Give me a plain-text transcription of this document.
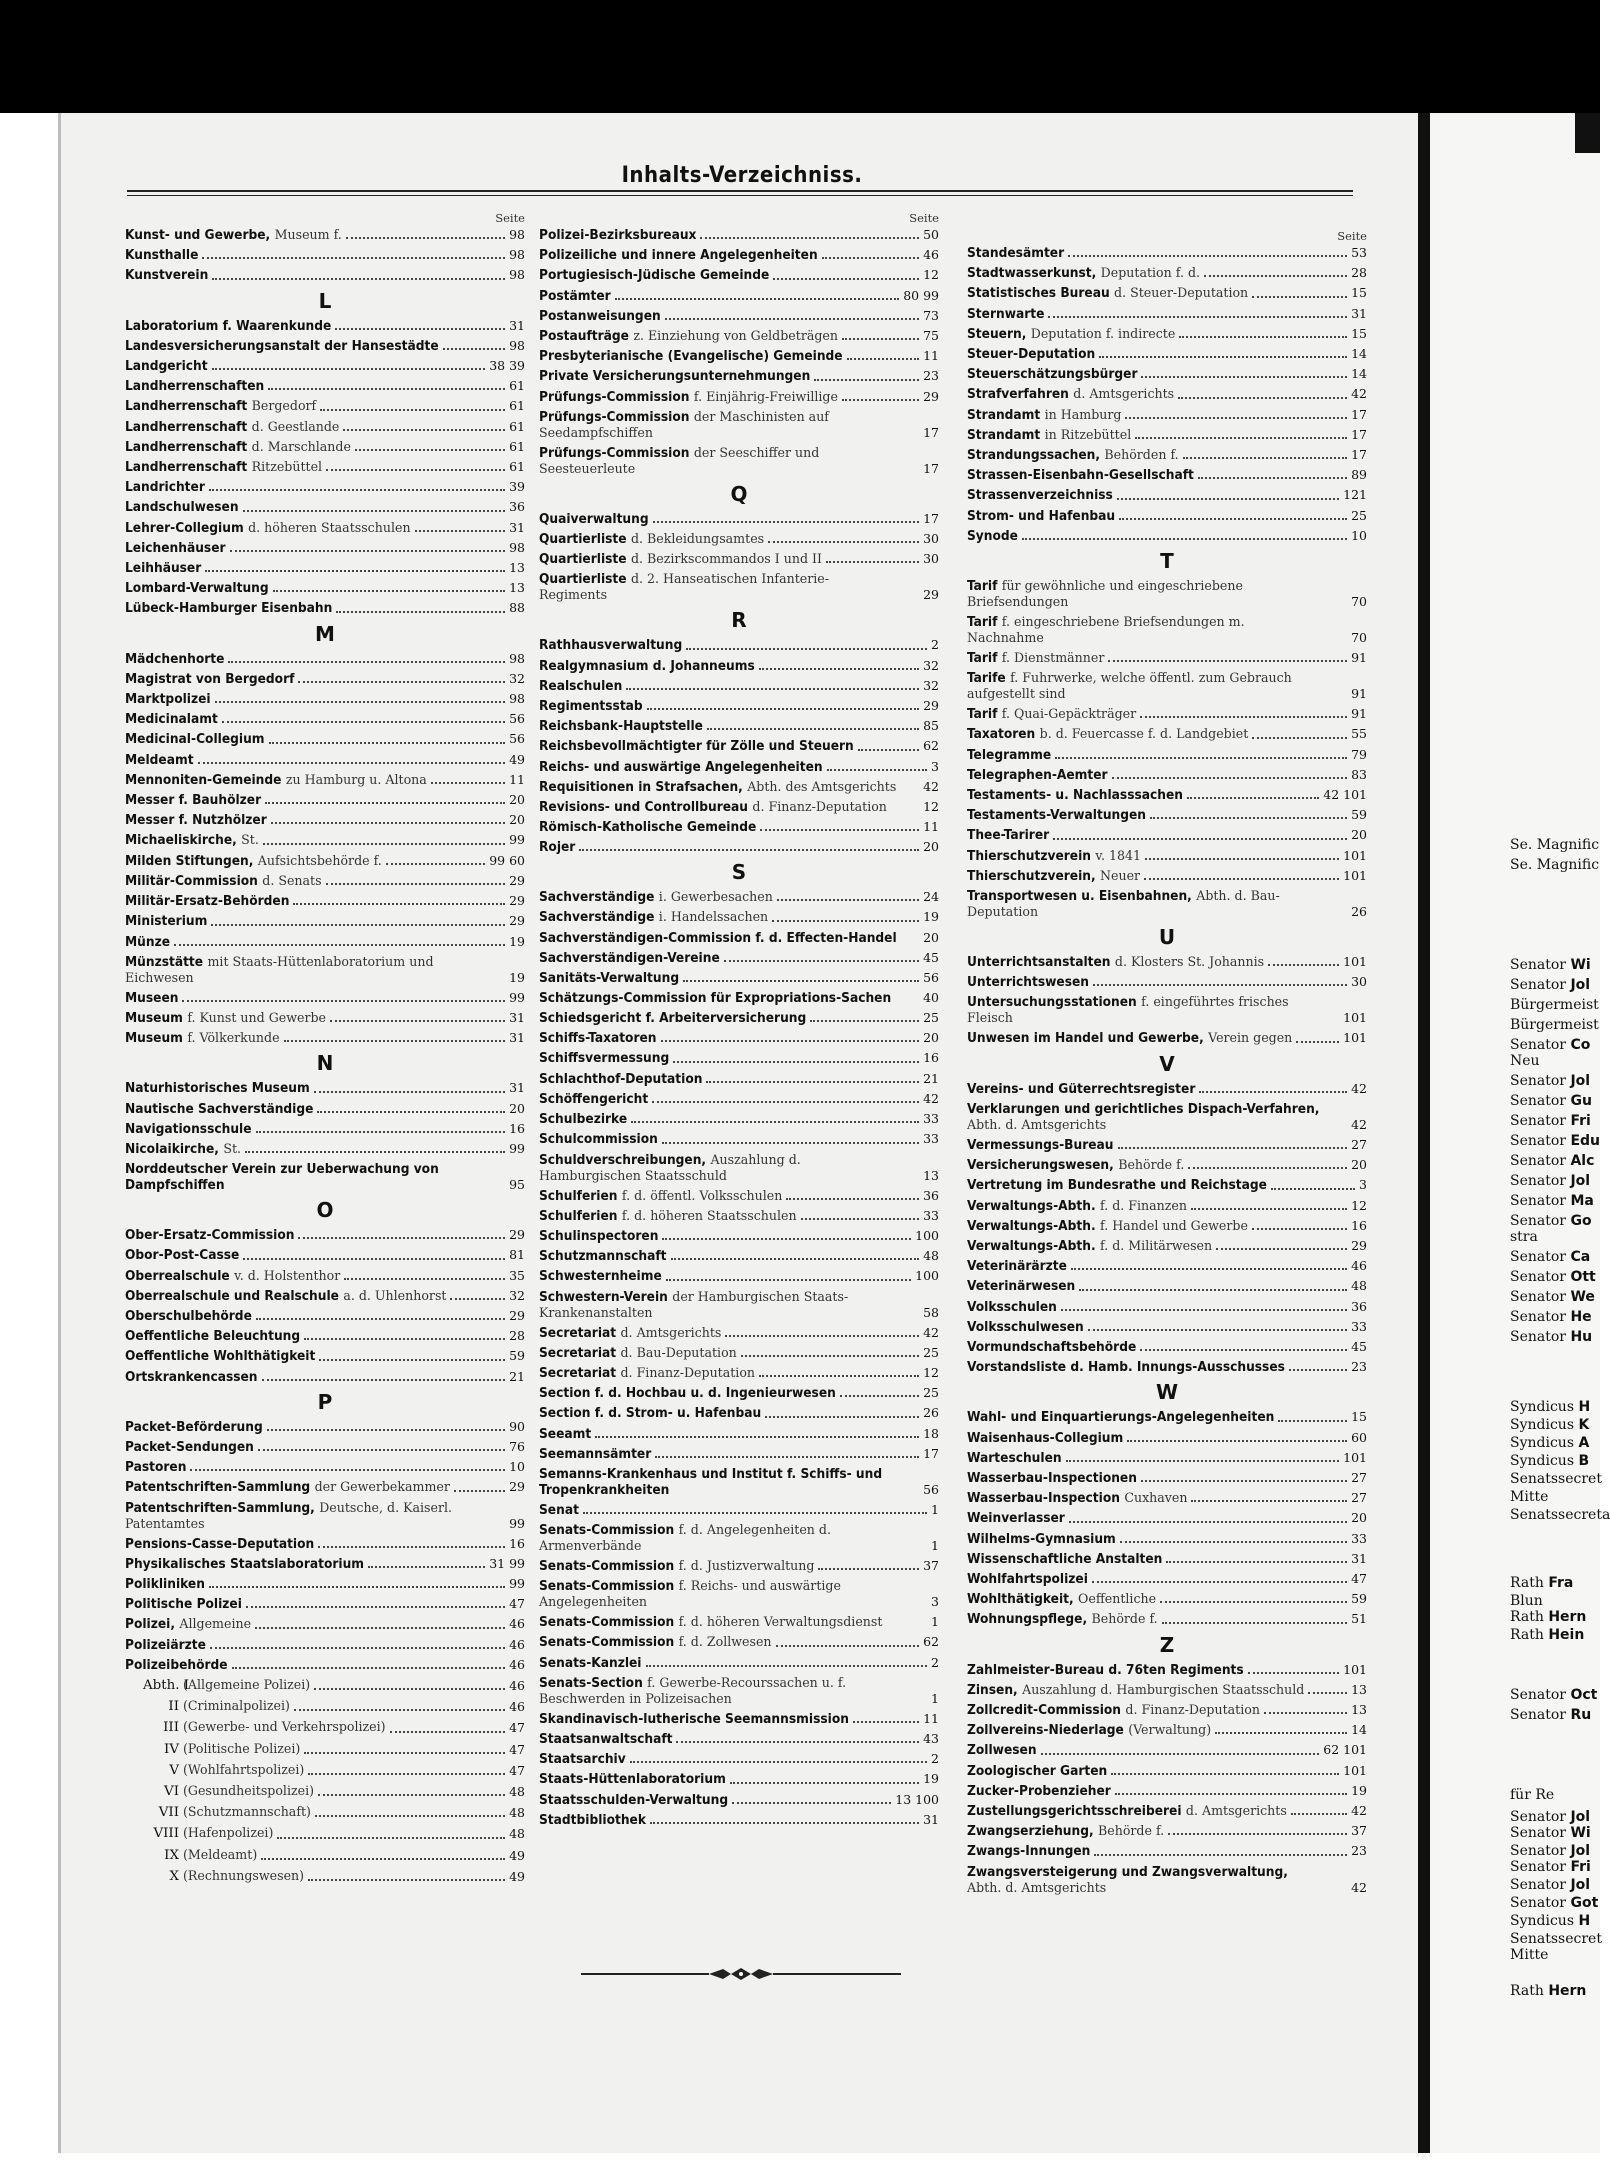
Inhalts-Verzeichniss.
Seite
Kunst- und Gewerbe, Museum f.	98
Kunsthalle	98
Kunstverein	98
L
Laboratorium f. Waarenkunde	31
Landesversicherungsanstalt der Hansestädte	98
Landgericht	38 39
Landherrenschaften	61
Landherrenschaft Bergedorf	61
Landherrenschaft d. Geestlande	61
Landherrenschaft d. Marschlande	61
Landherrenschaft Ritzebüttel	61
Landrichter	39
Landschulwesen	36
Lehrer-Collegium d. höheren Staatsschulen	31
Leichenhäuser	98
Leihhäuser	13
Lombard-Verwaltung	13
Lübeck-Hamburger Eisenbahn	88
M
Mädchenhorte	98
Magistrat von Bergedorf	32
Marktpolizei	98
Medicinalamt	56
Medicinal-Collegium	56
Meldeamt	49
Mennoniten-Gemeinde zu Hamburg u. Altona	11
Messer f. Bauhölzer	20
Messer f. Nutzhölzer	20
Michaeliskirche, St.	99
Milden Stiftungen, Aufsichtsbehörde f.	99 60
Militär-Commission d. Senats	29
Militär-Ersatz-Behörden	29
Ministerium	29
Münze	19
Münzstätte mit Staats-Hüttenlaboratorium und Eichwesen	19
Museen	99
Museum f. Kunst und Gewerbe	31
Museum f. Völkerkunde	31
N
Naturhistorisches Museum	31
Nautische Sachverständige	20
Navigationsschule	16
Nicolaikirche, St.	99
Norddeutscher Verein zur Ueberwachung von Dampfschiffen	95
O
Ober-Ersatz-Commission	29
Obor-Post-Casse	81
Oberrealschule v. d. Holstenthor	35
Oberrealschule und Realschule a. d. Uhlenhorst	32
Oberschulbehörde	29
Oeffentliche Beleuchtung	28
Oeffentliche Wohlthätigkeit	59
Ortskrankencassen	21
P
Packet-Beförderung	90
Packet-Sendungen	76
Pastoren	10
Patentschriften-Sammlung der Gewerbekammer	29
Patentschriften-Sammlung, Deutsche, d. Kaiserl. Patentamtes	99
Pensions-Casse-Deputation	16
Physikalisches Staatslaboratorium	31 99
Polikliniken	99
Politische Polizei	47
Polizei, Allgemeine	46
Polizeiärzte	46
Polizeibehörde	46
Abth. I(Allgemeine Polizei)	46
II (Criminalpolizei)	46
III (Gewerbe- und Verkehrspolizei)	47
IV (Politische Polizei)	47
V (Wohlfahrtspolizei)	47
VI (Gesundheitspolizei)	48
VII (Schutzmannschaft)	48
VIII (Hafenpolizei)	48
IX (Meldeamt)	49
X (Rechnungswesen)	49
Seite
Polizei-Bezirksbureaux	50
Polizeiliche und innere Angelegenheiten	46
Portugiesisch-Jüdische Gemeinde	12
Postämter	80 99
Postanweisungen	73
Postaufträge z. Einziehung von Geldbeträgen	75
Presbyterianische (Evangelische) Gemeinde	11
Private Versicherungsunternehmungen	23
Prüfungs-Commission f. Einjährig-Freiwillige	29
Prüfungs-Commission der Maschinisten auf Seedampfschiffen	17
Prüfungs-Commission der Seeschiffer und Seesteuerleute	17
Q
Quaiverwaltung	17
Quartierliste d. Bekleidungsamtes	30
Quartierliste d. Bezirkscommandos I und II	30
Quartierliste d. 2. Hanseatischen Infanterie-Regiments	29
R
Rathhausverwaltung	2
Realgymnasium d. Johanneums	32
Realschulen	32
Regimentsstab	29
Reichsbank-Hauptstelle	85
Reichsbevollmächtigter für Zölle und Steuern	62
Reichs- und auswärtige Angelegenheiten	3
Requisitionen in Strafsachen, Abth. des Amtsgerichts 42
Revisions- und Controllbureau d. Finanz-Deputation	12
Römisch-Katholische Gemeinde	11
Rojer	20
S
Sachverständige i. Gewerbesachen	24
Sachverständige i. Handelssachen	19
Sachverständigen-Commission f. d. Effecten-Handel 20
Sachverständigen-Vereine	45
Sanitäts-Verwaltung	56
Schätzungs-Commission für Expropriations-Sachen	40
Schiedsgericht f. Arbeiterversicherung	25
Schiffs-Taxatoren	20
Schiffsvermessung	16
Schlachthof-Deputation	21
Schöffengericht	42
Schulbezirke	33
Schulcommission	33
Schuldverschreibungen, Auszahlung d. Hamburgischen Staatsschuld	13
Schulferien f. d. öffentl. Volksschulen	36
Schulferien f. d. höheren Staatsschulen	33
Schulinspectoren	100
Schutzmannschaft	48
Schwesternheime	100
Schwestern-Verein der Hamburgischen Staats-Krankenanstalten	58
Secretariat d. Amtsgerichts	42
Secretariat d. Bau-Deputation	25
Secretariat d. Finanz-Deputation	12
Section f. d. Hochbau u. d. Ingenieurwesen	25
Section f. d. Strom- u. Hafenbau	26
Seeamt	18
Seemannsämter	17
Semanns-Krankenhaus und Institut f. Schiffs- und Tropenkrankheiten	56
Senat	1
Senats-Commission f. d. Angelegenheiten d. Armenverbände	1
Senats-Commission f. d. Justizverwaltung	37
Senats-Commission f. Reichs- und auswärtige Angelegenheiten	3
Senats-Commission f. d. höheren Verwaltungsdienst	1
Senats-Commission f. d. Zollwesen	62
Senats-Kanzlei	2
Senats-Section f. Gewerbe-Recourssachen u. f. Beschwerden in Polizeisachen	1
Skandinavisch-lutherische Seemannsmission	11
Staatsanwaltschaft	43
Staatsarchiv	2
Staats-Hüttenlaboratorium	19
Staatsschulden-Verwaltung	13 100
Stadtbibliothek	31
Seite
Standesämter	53
Stadtwasserkunst, Deputation f. d.	28
Statistisches Bureau d. Steuer-Deputation	15
Sternwarte	31
Steuern, Deputation f. indirecte	15
Steuer-Deputation	14
Steuerschätzungsbürger	14
Strafverfahren d. Amtsgerichts	42
Strandamt in Hamburg	17
Strandamt in Ritzebüttel	17
Strandungssachen, Behörden f.	17
Strassen-Eisenbahn-Gesellschaft	89
Strassenverzeichniss	121
Strom- und Hafenbau	25
Synode	10
T
Tarif für gewöhnliche und eingeschriebene Briefsendungen	70
Tarif f. eingeschriebene Briefsendungen m. Nachnahme	70
Tarif f. Dienstmänner	91
Tarife f. Fuhrwerke, welche öffentl. zum Gebrauch aufgestellt sind	91
Tarif f. Quai-Gepäckträger	91
Taxatoren b. d. Feuercasse f. d. Landgebiet	55
Telegramme	79
Telegraphen-Aemter	83
Testaments- u. Nachlasssachen	42 101
Testaments-Verwaltungen	59
Thee-Tarirer	20
Thierschutzverein v. 1841	101
Thierschutzverein, Neuer	101
Transportwesen u. Eisenbahnen, Abth. d. Bau-Deputation	26
U
Unterrichtsanstalten d. Klosters St. Johannis	101
Unterrichtswesen	30
Untersuchungsstationen f. eingeführtes frisches Fleisch	101
Unwesen im Handel und Gewerbe, Verein gegen	101
V
Vereins- und Güterrechtsregister	42
Verklarungen und gerichtliches Dispach-Verfahren, Abth. d. Amtsgerichts	42
Vermessungs-Bureau	27
Versicherungswesen, Behörde f.	20
Vertretung im Bundesrathe und Reichstage	3
Verwaltungs-Abth. f. d. Finanzen	12
Verwaltungs-Abth. f. Handel und Gewerbe	16
Verwaltungs-Abth. f. d. Militärwesen	29
Veterinärärzte	46
Veterinärwesen	48
Volksschulen	36
Volksschulwesen	33
Vormundschaftsbehörde	45
Vorstandsliste d. Hamb. Innungs-Ausschusses	23
W
Wahl- und Einquartierungs-Angelegenheiten	15
Waisenhaus-Collegium	60
Warteschulen	101
Wasserbau-Inspectionen	27
Wasserbau-Inspection Cuxhaven	27
Weinverlasser	20
Wilhelms-Gymnasium	33
Wissenschaftliche Anstalten	31
Wohlfahrtspolizei	47
Wohlthätigkeit, Oeffentliche	59
Wohnungspflege, Behörde f.	51
Z
Zahlmeister-Bureau d. 76ten Regiments	101
Zinsen, Auszahlung d. Hamburgischen Staatsschuld	13
Zollcredit-Commission d. Finanz-Deputation	13
Zollvereins-Niederlage (Verwaltung)	14
Zollwesen	62 101
Zoologischer Garten	101
Zucker-Probenzieher	19
Zustellungsgerichtsschreiberei d. Amtsgerichts	42
Zwangserziehung, Behörde f.	37
Zwangs-Innungen	23
Zwangsversteigerung und Zwangsverwaltung, Abth. d. Amtsgerichts	42
Se. Magnific
Se. Magnific
Senator Wi
Senator Jol
Bürgermeist
Bürgermeist
Senator Co
Neu
Senator Jol
Senator Gu
Senator Fri
Senator Edu
Senator Alc
Senator Jol
Senator Ma
Senator Go
stra
Senator Ca
Senator Ott
Senator We
Senator He
Senator Hu
Syndicus H
Syndicus K
Syndicus A
Syndicus B
Senatssecret
Mitte
Senatssecreta
Rath Fra
Blun
Rath Hern
Rath Hein
Senator Oct
Senator Ru
für Re
Senator Jol
Senator Wi
Senator Jol
Senator Fri
Senator Jol
Senator Got
Syndicus H
Senatssecret
Mitte
Rath Hern
